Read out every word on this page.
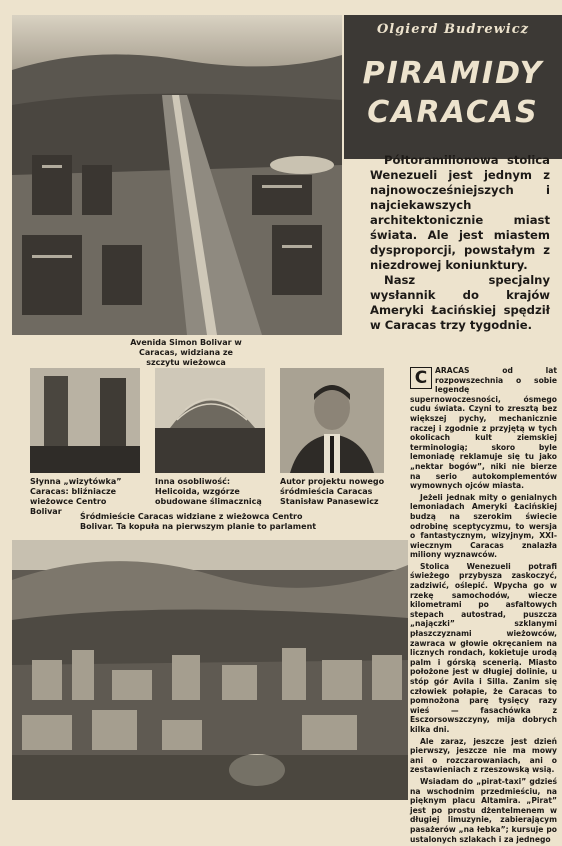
Olgierd Budrewicz
PIRAMIDY
CARACAS

Półtoramilionowa stolica Wenezueli jest jednym z najnowocześniejszych i najciekawszych architektonicznie miast świata. Ale jest miastem dysproporcji, powstałym z niezdrowej koniunktury.

Nasz specjalny wysłannik do krajów Ameryki Łacińskiej spędził w Caracas trzy tygodnie.

Avenida Simon Bolivar w Caracas, widziana ze szczytu wieżowca
Słynna „wizytówka” Caracas: bliźniacze wieżowce Centro Bolivar
Inna osobliwość: Helicoida, wzgórze obudowane ślimacznicą
Autor projektu nowego śródmieścia Caracas Stanisław Panasewicz
Śródmieście Caracas widziane z wieżowca Centro Bolivar. Ta kopuła na pierwszym planie to parlament
C	ARACAS od lat rozpowszechnia o sobie legendę supernowoczesności, ósmego cudu świata. Czyni to zresztą bez większej pychy, mechanicznie raczej i zgodnie z przyjętą w tych okolicach kult ziemskiej terminologią; skoro byle lemoniadę reklamuje się tu jako „nektar bogów”, niki nie bierze na serio autokomplementów wymownych ojców miasta.

Jeżeli jednak mity o genialnych lemoniadach Ameryki Łacińskiej budzą na szerokim świecie odrobinę sceptycyzmu, to wersja o fantastycznym, wizyjnym, XXI-wiecznym Caracas znalazła miliony wyznawców.

Stolica Wenezueli potrafi świeżego przybysza zaskoczyć, zadziwić, oślepić. Wpycha go w rzekę samochodów, wiecze kilometrami po asfaltowych stepach autostrad, puszcza „najączki” szklanymi płaszczyznami wieżowców, zawraca w głowie okręcaniem na licznych rondach, kokietuje urodą palm i górską scenerią. Miasto położone jest w długiej dolinie, u stóp gór Avila i Silla. Zanim się człowiek połapie, że Caracas to pomnożona parę tysięcy razy wieś — fasachówka z Esczorsowszczyny, mija dobrych kilka dni.

Ale zaraz, jeszcze jest dzień pierwszy, jeszcze nie ma mowy ani o rozczarowaniach, ani o zestawieniach z rzeszowską wsią.

Wsiadam do „pirat-taxi” gdzieś na wschodnim przedmieściu, na pięknym placu Altamira. „Pirat” jest po prostu dżentelmenem w długiej limuzynie, zabierającym pasażerów „na łebka”; kursuje po ustalonych szlakach i za jednego
